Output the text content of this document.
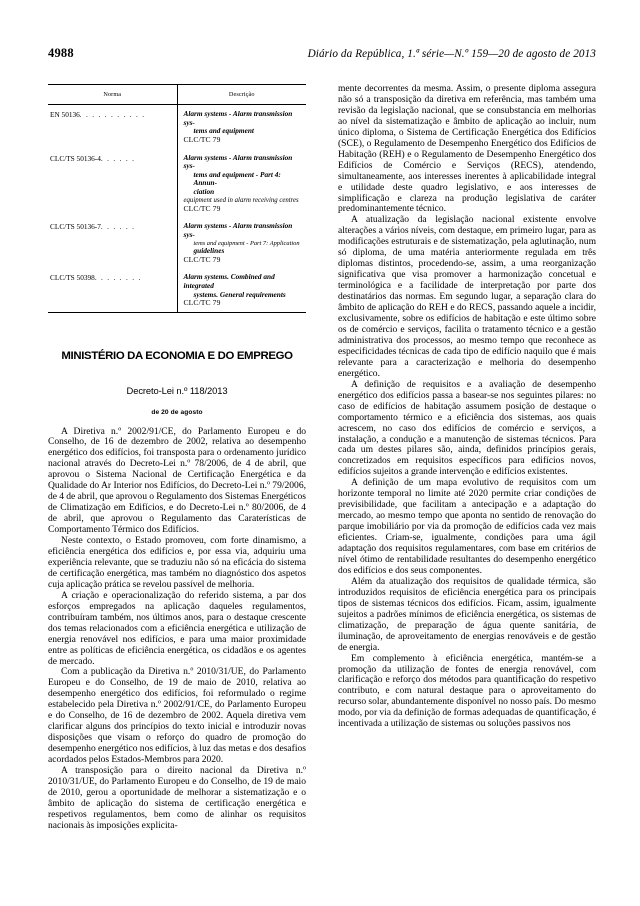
4988	Diário da República, 1.ª série—N.º 159—20 de agosto de 2013

Norma	Descrição
EN 50136. . . . . . . . . . .	Alarm systems - Alarm transmission sys-
tems and equipment
CLC/TC 79

CLC/TS 50136-4. . . . . .	Alarm systems - Alarm transmission sys-
tems and equipment - Part 4: Annun-
ciation
equipment used in alarm receiving centres
CLC/TC 79

CLC/TS 50136-7. . . . . .	Alarm systems - Alarm transmission sys-
tems and equipment - Part 7: Application
guidelines
CLC/TC 79

CLC/TS 50398. . . . . . . .	Alarm systems. Combined and integrated
systems. General requirements
CLC/TC 79

MINISTÉRIO DA ECONOMIA E DO EMPREGO
Decreto-Lei n.º 118/2013
de 20 de agosto

A Diretiva n.º 2002/91/CE, do Parlamento Europeu e do Conselho, de 16 de dezembro de 2002, relativa ao desempenho energético dos edifícios, foi transposta para o ordenamento jurídico nacional através do Decreto-Lei n.º 78/2006, de 4 de abril, que aprovou o Sistema Nacional de Certificação Energética e da Qualidade do Ar Interior nos Edifícios, do Decreto-Lei n.º 79/2006, de 4 de abril, que aprovou o Regulamento dos Sistemas Energéticos de Climatização em Edifícios, e do Decreto-Lei n.º 80/2006, de 4 de abril, que aprovou o Regulamento das Caraterísticas de Comportamento Térmico dos Edifícios.

Neste contexto, o Estado promoveu, com forte dinamismo, a eficiência energética dos edifícios e, por essa via, adquiriu uma experiência relevante, que se traduziu não só na eficácia do sistema de certificação energética, mas também no diagnóstico dos aspetos cuja aplicação prática se revelou passível de melhoria.

A criação e operacionalização do referido sistema, a par dos esforços empregados na aplicação daqueles regulamentos, contribuíram também, nos últimos anos, para o destaque crescente dos temas relacionados com a eficiência energética e utilização de energia renovável nos edifícios, e para uma maior proximidade entre as políticas de eficiência energética, os cidadãos e os agentes de mercado.

Com a publicação da Diretiva n.º 2010/31/UE, do Parlamento Europeu e do Conselho, de 19 de maio de 2010, relativa ao desempenho energético dos edifícios, foi reformulado o regime estabelecido pela Diretiva n.º 2002/91/CE, do Parlamento Europeu e do Conselho, de 16 de dezembro de 2002. Aquela diretiva vem clarificar alguns dos princípios do texto inicial e introduzir novas disposições que visam o reforço do quadro de promoção do desempenho energético nos edifícios, à luz das metas e dos desafios acordados pelos Estados-Membros para 2020.

A transposição para o direito nacional da Diretiva n.º 2010/31/UE, do Parlamento Europeu e do Conselho, de 19 de maio de 2010, gerou a oportunidade de melhorar a sistematização e o âmbito de aplicação do sistema de certificação energética e respetivos regulamentos, bem como de alinhar os requisitos nacionais às imposições explicita-

mente decorrentes da mesma. Assim, o presente diploma assegura não só a transposição da diretiva em referência, mas também uma revisão da legislação nacional, que se consubstancia em melhorias ao nível da sistematização e âmbito de aplicação ao incluir, num único diploma, o Sistema de Certificação Energética dos Edifícios (SCE), o Regulamento de Desempenho Energético dos Edifícios de Habitação (REH) e o Regulamento de Desempenho Energético dos Edifícios de Comércio e Serviços (RECS), atendendo, simultaneamente, aos interesses inerentes à aplicabilidade integral e utilidade deste quadro legislativo, e aos interesses de simplificação e clareza na produção legislativa de caráter predominantemente técnico.

A atualização da legislação nacional existente envolve alterações a vários níveis, com destaque, em primeiro lugar, para as modificações estruturais e de sistematização, pela aglutinação, num só diploma, de uma matéria anteriormente regulada em três diplomas distintos, procedendo-se, assim, a uma reorganização significativa que visa promover a harmonização concetual e terminológica e a facilidade de interpretação por parte dos destinatários das normas. Em segundo lugar, a separação clara do âmbito de aplicação do REH e do RECS, passando aquele a incidir, exclusivamente, sobre os edifícios de habitação e este último sobre os de comércio e serviços, facilita o tratamento técnico e a gestão administrativa dos processos, ao mesmo tempo que reconhece as especificidades técnicas de cada tipo de edifício naquilo que é mais relevante para a caracterização e melhoria do desempenho energético.

A definição de requisitos e a avaliação de desempenho energético dos edifícios passa a basear-se nos seguintes pilares: no caso de edifícios de habitação assumem posição de destaque o comportamento térmico e a eficiência dos sistemas, aos quais acrescem, no caso dos edifícios de comércio e serviços, a instalação, a condução e a manutenção de sistemas técnicos. Para cada um destes pilares são, ainda, definidos princípios gerais, concretizados em requisitos específicos para edifícios novos, edifícios sujeitos a grande intervenção e edifícios existentes.

A definição de um mapa evolutivo de requisitos com um horizonte temporal no limite até 2020 permite criar condições de previsibilidade, que facilitam a antecipação e a adaptação do mercado, ao mesmo tempo que aponta no sentido de renovação do parque imobiliário por via da promoção de edifícios cada vez mais eficientes. Criam-se, igualmente, condições para uma ágil adaptação dos requisitos regulamentares, com base em critérios de nível ótimo de rentabilidade resultantes do desempenho energético dos edifícios e dos seus componentes.

Além da atualização dos requisitos de qualidade térmica, são introduzidos requisitos de eficiência energética para os principais tipos de sistemas técnicos dos edifícios. Ficam, assim, igualmente sujeitos a padrões mínimos de eficiência energética, os sistemas de climatização, de preparação de água quente sanitária, de iluminação, de aproveitamento de energias renováveis e de gestão de energia.

Em complemento à eficiência energética, mantém-se a promoção da utilização de fontes de energia renovável, com clarificação e reforço dos métodos para quantificação do respetivo contributo, e com natural destaque para o aproveitamento do recurso solar, abundantemente disponível no nosso país. Do mesmo modo, por via da definição de formas adequadas de quantificação, é incentivada a utilização de sistemas ou soluções passivos nos
